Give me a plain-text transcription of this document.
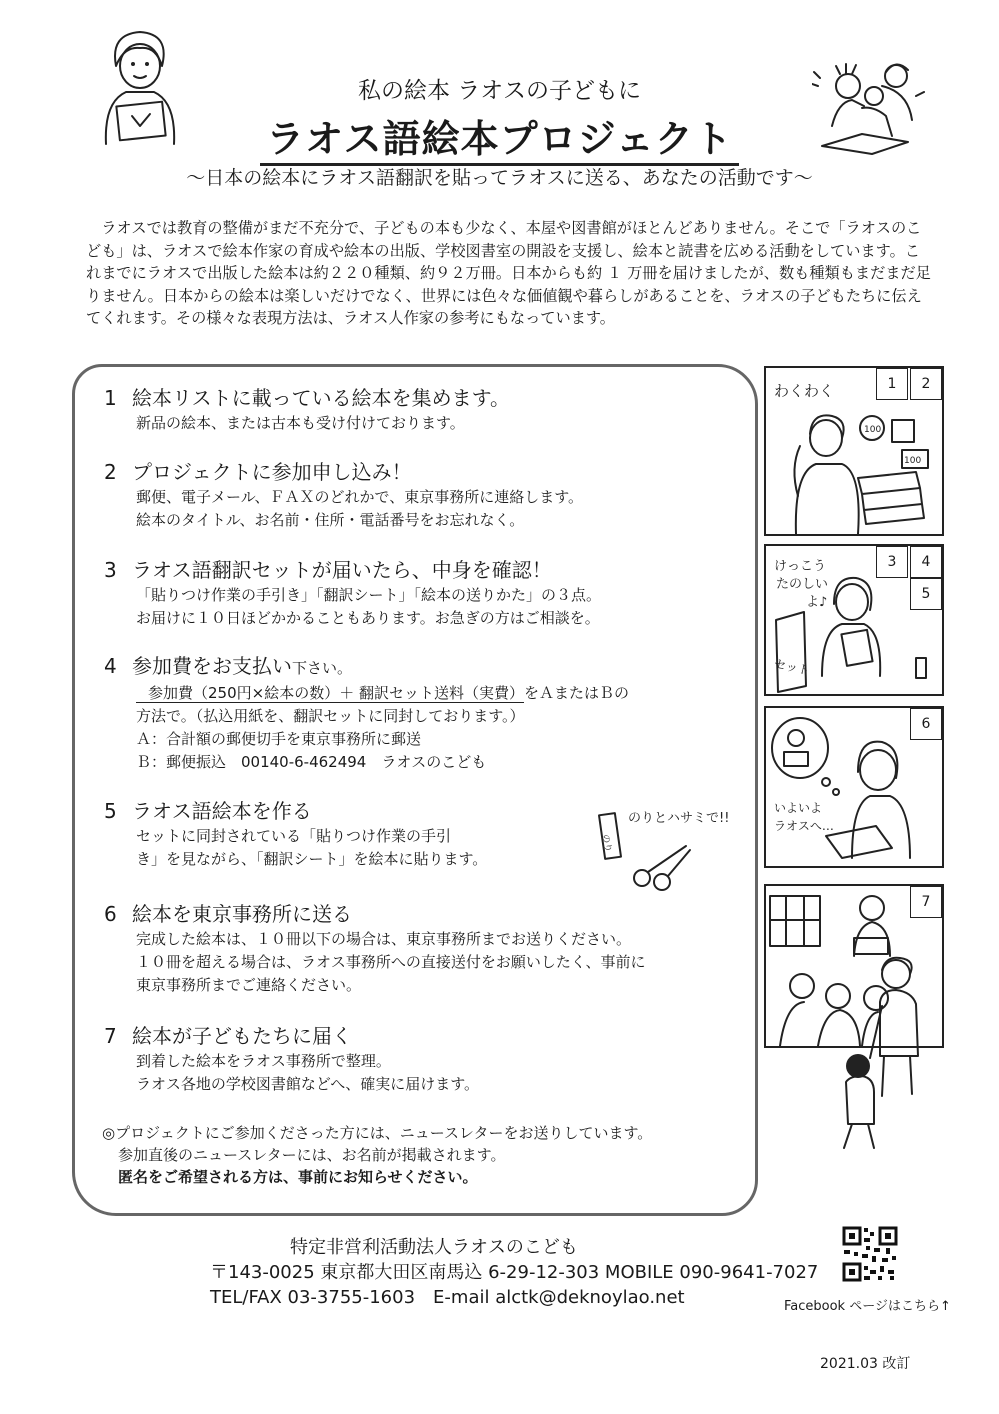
私の絵本 ラオスの子どもに
ラオス語絵本プロジェクト
〜日本の絵本にラオス語翻訳を貼ってラオスに送る、あなたの活動です〜
ラオスでは教育の整備がまだ不充分で、子どもの本も少なく、本屋や図書館がほとんどありません。そこで「ラオスのこども」は、ラオスで絵本作家の育成や絵本の出版、学校図書室の開設を支援し、絵本と読書を広める活動をしています。これまでにラオスで出版した絵本は約２２０種類、約９２万冊。日本からも約 １ 万冊を届けましたが、数も種類もまだまだ足りません。日本からの絵本は楽しいだけでなく、世界には色々な価値観や暮らしがあることを、ラオスの子どもたちに伝えてくれます。その様々な表現方法は、ラオス人作家の参考にもなっています。
1 絵本リストに載っている絵本を集めます。
新品の絵本、または古本も受け付けております。
2 プロジェクトに参加申し込み！
郵便、電子メール、ＦＡＸのどれかで、東京事務所に連絡します。
絵本のタイトル、お名前・住所・電話番号をお忘れなく。
3 ラオス語翻訳セットが届いたら、中身を確認！
「貼りつけ作業の手引き」「翻訳シート」「絵本の送りかた」の３点。
お届けに１０日ほどかかることもあります。お急ぎの方はご相談を。
4 参加費をお支払い下さい。
参加費（250円×絵本の数）＋ 翻訳セット送料（実費）をＡまたはＢの
方法で。（払込用紙を、翻訳セットに同封しております。）
Ａ：合計額の郵便切手を東京事務所に郵送
Ｂ：郵便振込　00140-6-462494　ラオスのこども
5 ラオス語絵本を作る
セットに同封されている「貼りつけ作業の手引
き」を見ながら、「翻訳シート」を絵本に貼ります。
のり
のりとハサミで!!
6 絵本を東京事務所に送る
完成した絵本は、１０冊以下の場合は、東京事務所までお送りください。
１０冊を超える場合は、ラオス事務所への直接送付をお願いしたく、事前に
東京事務所までご連絡ください。
7 絵本が子どもたちに届く
到着した絵本をラオス事務所で整理。
ラオス各地の学校図書館などへ、確実に届けます。
◎プロジェクトにご参加くださった方には、ニュースレターをお送りしています。
参加直後のニュースレターには、お名前が掲載されます。
匿名をご希望される方は、事前にお知らせください。
1	2
わくわく
100
100
3	4
5
けっこう
たのしい
よ♪
セット
6
いよいよ
ラオスへ…
7
特定非営利活動法人ラオスのこども
〒143-0025 東京都大田区南馬込 6-29-12-303 MOBILE 090-9641-7027
TEL/FAX 03-3755-1603　E-mail alctk@deknoylao.net	Facebook ページはこちら↑
2021.03 改訂
